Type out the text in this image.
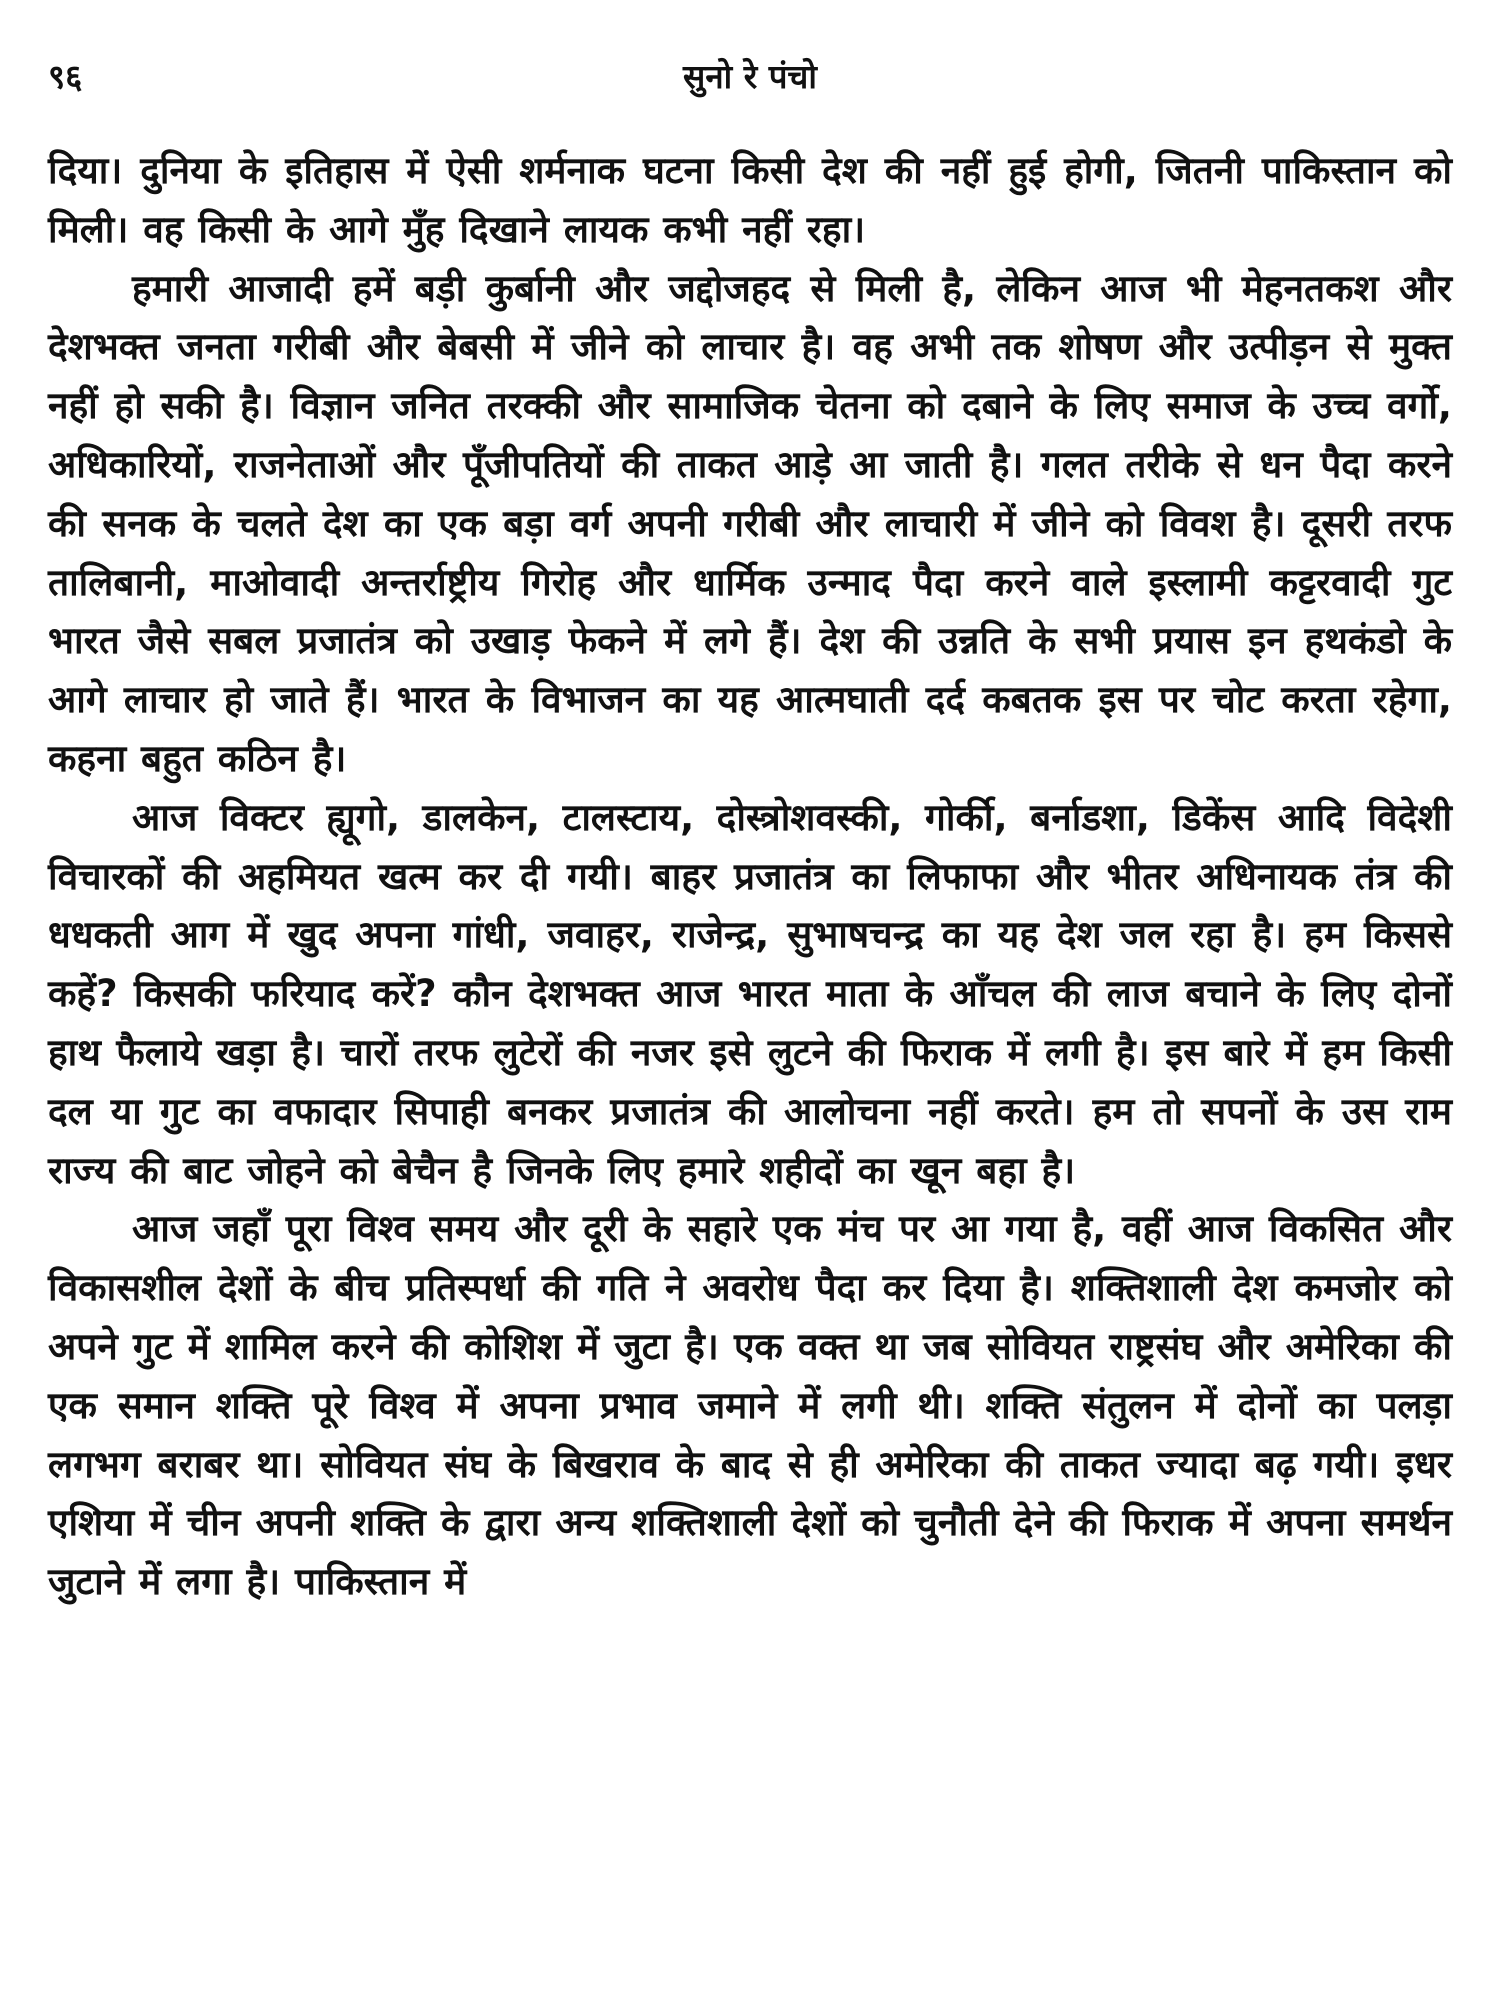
९६	सुनो रे पंचो

दिया। दुनिया के इतिहास में ऐसी शर्मनाक घटना किसी देश की नहीं हुई होगी, जितनी पाकिस्तान को मिली। वह किसी के आगे मुँह दिखाने लायक कभी नहीं रहा।

हमारी आजादी हमें बड़ी कुर्बानी और जद्दोजहद से मिली है, लेकिन आज भी मेहनतकश और देशभक्त जनता गरीबी और बेबसी में जीने को लाचार है। वह अभी तक शोषण और उत्पीड़न से मुक्त नहीं हो सकी है। विज्ञान जनित तरक्की और सामाजिक चेतना को दबाने के लिए समाज के उच्च वर्गो, अधिकारियों, राजनेताओं और पूँजीपतियों की ताकत आड़े आ जाती है। गलत तरीके से धन पैदा करने की सनक के चलते देश का एक बड़ा वर्ग अपनी गरीबी और लाचारी में जीने को विवश है। दूसरी तरफ तालिबानी, माओवादी अन्तर्राष्ट्रीय गिरोह और धार्मिक उन्माद पैदा करने वाले इस्लामी कट्टरवादी गुट भारत जैसे सबल प्रजातंत्र को उखाड़ फेकने में लगे हैं। देश की उन्नति के सभी प्रयास इन हथकंडो के आगे लाचार हो जाते हैं। भारत के विभाजन का यह आत्मघाती दर्द कबतक इस पर चोट करता रहेगा, कहना बहुत कठिन है।

आज विक्टर ह्यूगो, डालकेन, टालस्टाय, दोस्त्रोशवस्की, गोर्की, बर्नाडशा, डिकेंस आदि विदेशी विचारकों की अहमियत खत्म कर दी गयी। बाहर प्रजातंत्र का लिफाफा और भीतर अधिनायक तंत्र की धधकती आग में खुद अपना गांधी, जवाहर, राजेन्द्र, सुभाषचन्द्र का यह देश जल रहा है। हम किससे कहें? किसकी फरियाद करें? कौन देशभक्त आज भारत माता के आँचल की लाज बचाने के लिए दोनों हाथ फैलाये खड़ा है। चारों तरफ लुटेरों की नजर इसे लुटने की फिराक में लगी है। इस बारे में हम किसी दल या गुट का वफादार सिपाही बनकर प्रजातंत्र की आलोचना नहीं करते। हम तो सपनों के उस राम राज्य की बाट जोहने को बेचैन है जिनके लिए हमारे शहीदों का खून बहा है।

आज जहाँ पूरा विश्व समय और दूरी के सहारे एक मंच पर आ गया है, वहीं आज विकसित और विकासशील देशों के बीच प्रतिस्पर्धा की गति ने अवरोध पैदा कर दिया है। शक्तिशाली देश कमजोर को अपने गुट में शामिल करने की कोशिश में जुटा है। एक वक्त था जब सोवियत राष्ट्रसंघ और अमेरिका की एक समान शक्ति पूरे विश्व में अपना प्रभाव जमाने में लगी थी। शक्ति संतुलन में दोनों का पलड़ा लगभग बराबर था। सोवियत संघ के बिखराव के बाद से ही अमेरिका की ताकत ज्यादा बढ़ गयी। इधर एशिया में चीन अपनी शक्ति के द्वारा अन्य शक्तिशाली देशों को चुनौती देने की फिराक में अपना समर्थन जुटाने में लगा है। पाकिस्तान में
